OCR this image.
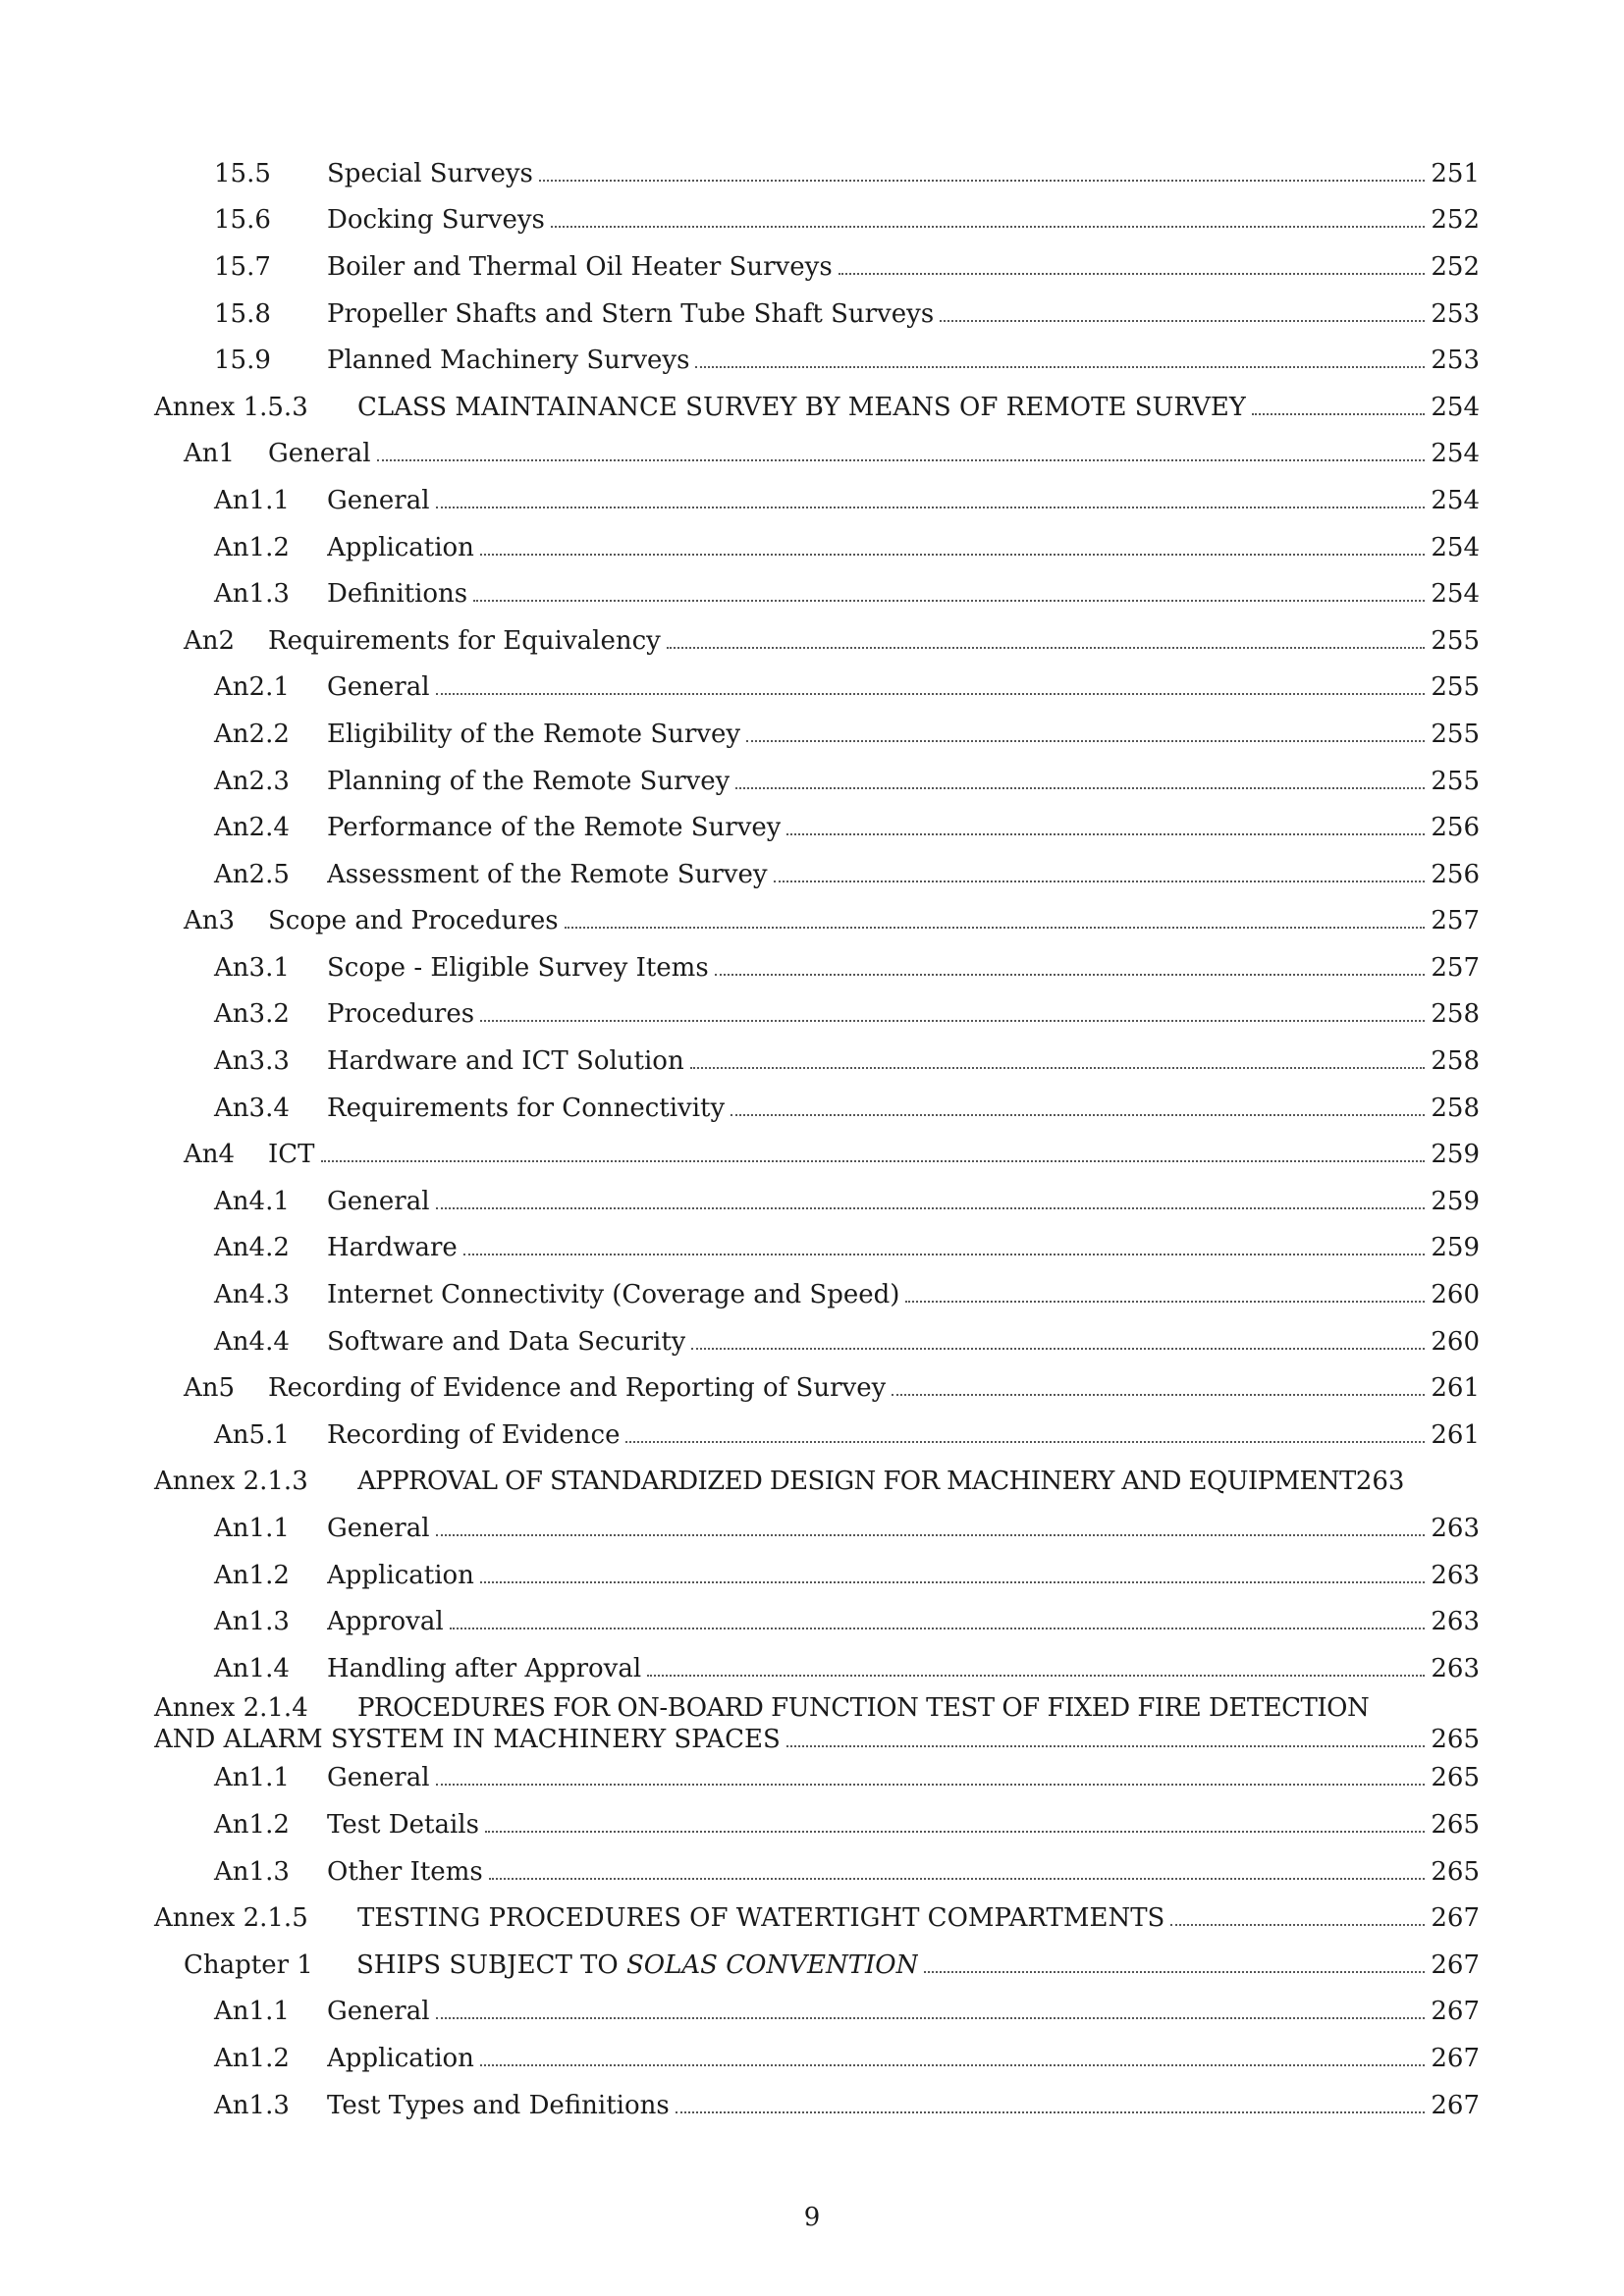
15.5	Special Surveys	251
15.6	Docking Surveys	252
15.7	Boiler and Thermal Oil Heater Surveys	252
15.8	Propeller Shafts and Stern Tube Shaft Surveys	253
15.9	Planned Machinery Surveys	253
Annex 1.5.3	CLASS MAINTAINANCE SURVEY BY MEANS OF REMOTE SURVEY	254
An1	General	254
An1.1	General	254
An1.2	Application	254
An1.3	Definitions	254
An2	Requirements for Equivalency	255
An2.1	General	255
An2.2	Eligibility of the Remote Survey	255
An2.3	Planning of the Remote Survey	255
An2.4	Performance of the Remote Survey	256
An2.5	Assessment of the Remote Survey	256
An3	Scope and Procedures	257
An3.1	Scope - Eligible Survey Items	257
An3.2	Procedures	258
An3.3	Hardware and ICT Solution	258
An3.4	Requirements for Connectivity	258
An4	ICT	259
An4.1	General	259
An4.2	Hardware	259
An4.3	Internet Connectivity (Coverage and Speed)	260
An4.4	Software and Data Security	260
An5	Recording of Evidence and Reporting of Survey	261
An5.1	Recording of Evidence	261
Annex 2.1.3	APPROVAL OF STANDARDIZED DESIGN FOR MACHINERY AND EQUIPMENT 263
An1.1	General	263
An1.2	Application	263
An1.3	Approval	263
An1.4	Handling after Approval	263
Annex 2.1.4	PROCEDURES FOR ON-BOARD FUNCTION TEST OF FIXED FIRE DETECTION
AND ALARM SYSTEM IN MACHINERY SPACES	265
An1.1	General	265
An1.2	Test Details	265
An1.3	Other Items	265
Annex 2.1.5	TESTING PROCEDURES OF WATERTIGHT COMPARTMENTS	267
Chapter 1	SHIPS SUBJECT TO SOLAS CONVENTION	267
An1.1	General	267
An1.2	Application	267
An1.3	Test Types and Definitions	267
9
